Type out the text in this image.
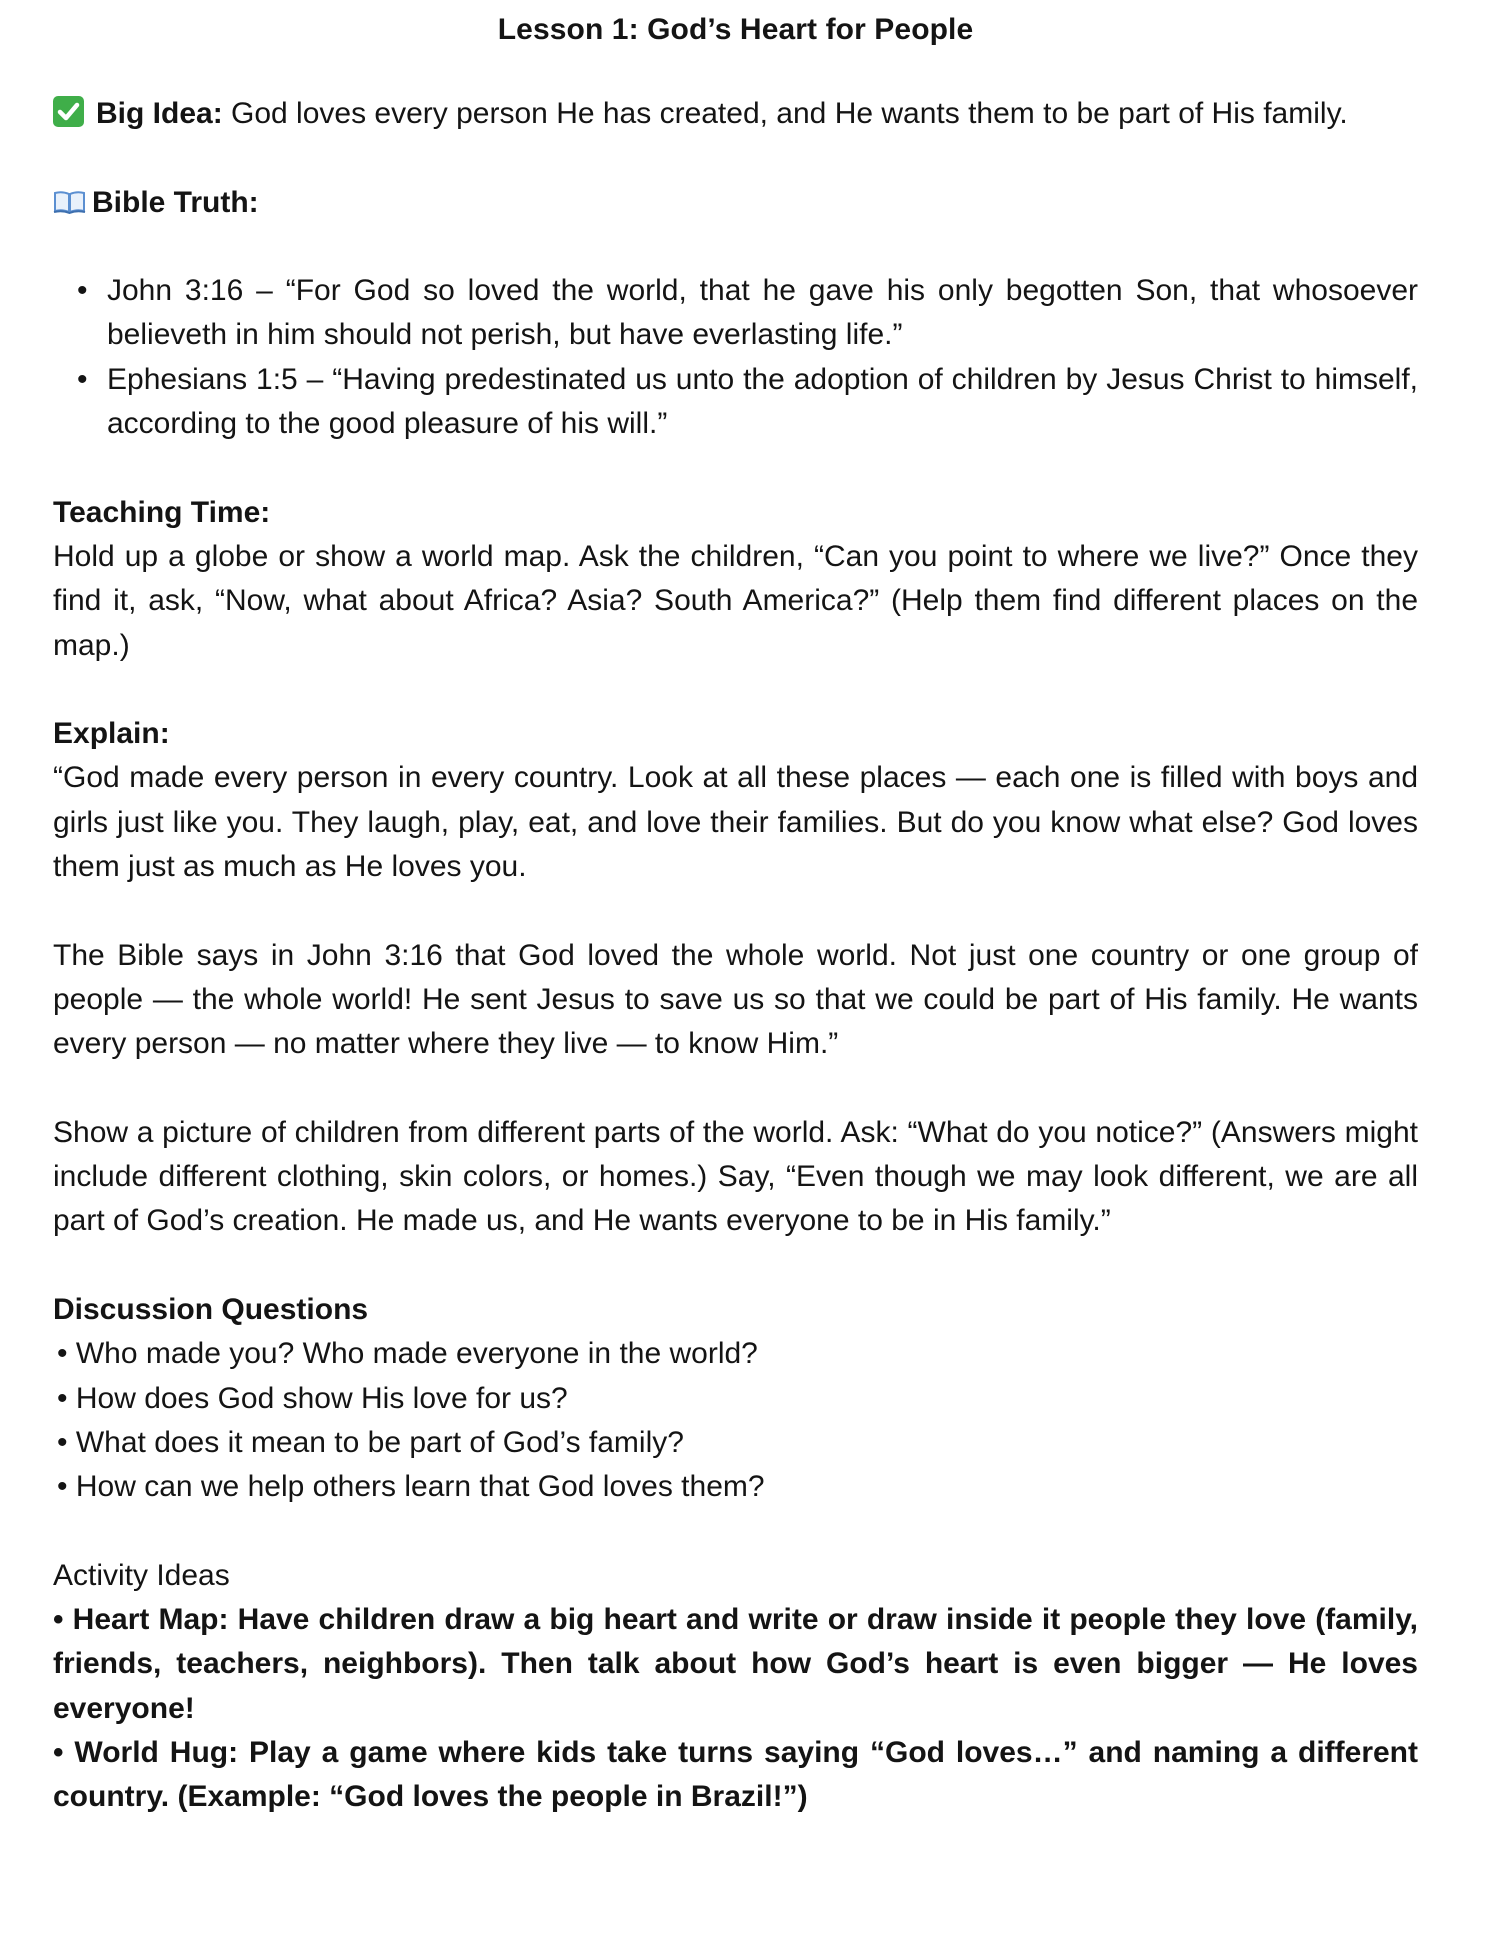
Lesson 1: God’s Heart for People

Big Idea: God loves every person He has created, and He wants them to be part of His family.

Bible Truth:

• John 3:16 – “For God so loved the world, that he gave his only begotten Son, that whosoever believeth in him should not perish, but have everlasting life.”
• Ephesians 1:5 – “Having predestinated us unto the adoption of children by Jesus Christ to himself, according to the good pleasure of his will.”

Teaching Time:

Hold up a globe or show a world map. Ask the children, “Can you point to where we live?” Once they find it, ask, “Now, what about Africa? Asia? South America?” (Help them find different places on the map.)

Explain:

“God made every person in every country. Look at all these places — each one is filled with boys and girls just like you. They laugh, play, eat, and love their families. But do you know what else? God loves them just as much as He loves you.

The Bible says in John 3:16 that God loved the whole world. Not just one country or one group of people — the whole world! He sent Jesus to save us so that we could be part of His family. He wants every person — no matter where they live — to know Him.”

Show a picture of children from different parts of the world. Ask: “What do you notice?” (Answers might include different clothing, skin colors, or homes.) Say, “Even though we may look different, we are all part of God’s creation. He made us, and He wants everyone to be in His family.”

Discussion Questions

• Who made you? Who made everyone in the world?
• How does God show His love for us?
• What does it mean to be part of God’s family?
• How can we help others learn that God loves them?

Activity Ideas

• Heart Map: Have children draw a big heart and write or draw inside it people they love (family, friends, teachers, neighbors). Then talk about how God’s heart is even bigger — He loves everyone!
• World Hug: Play a game where kids take turns saying “God loves…” and naming a different country. (Example: “God loves the people in Brazil!”)
